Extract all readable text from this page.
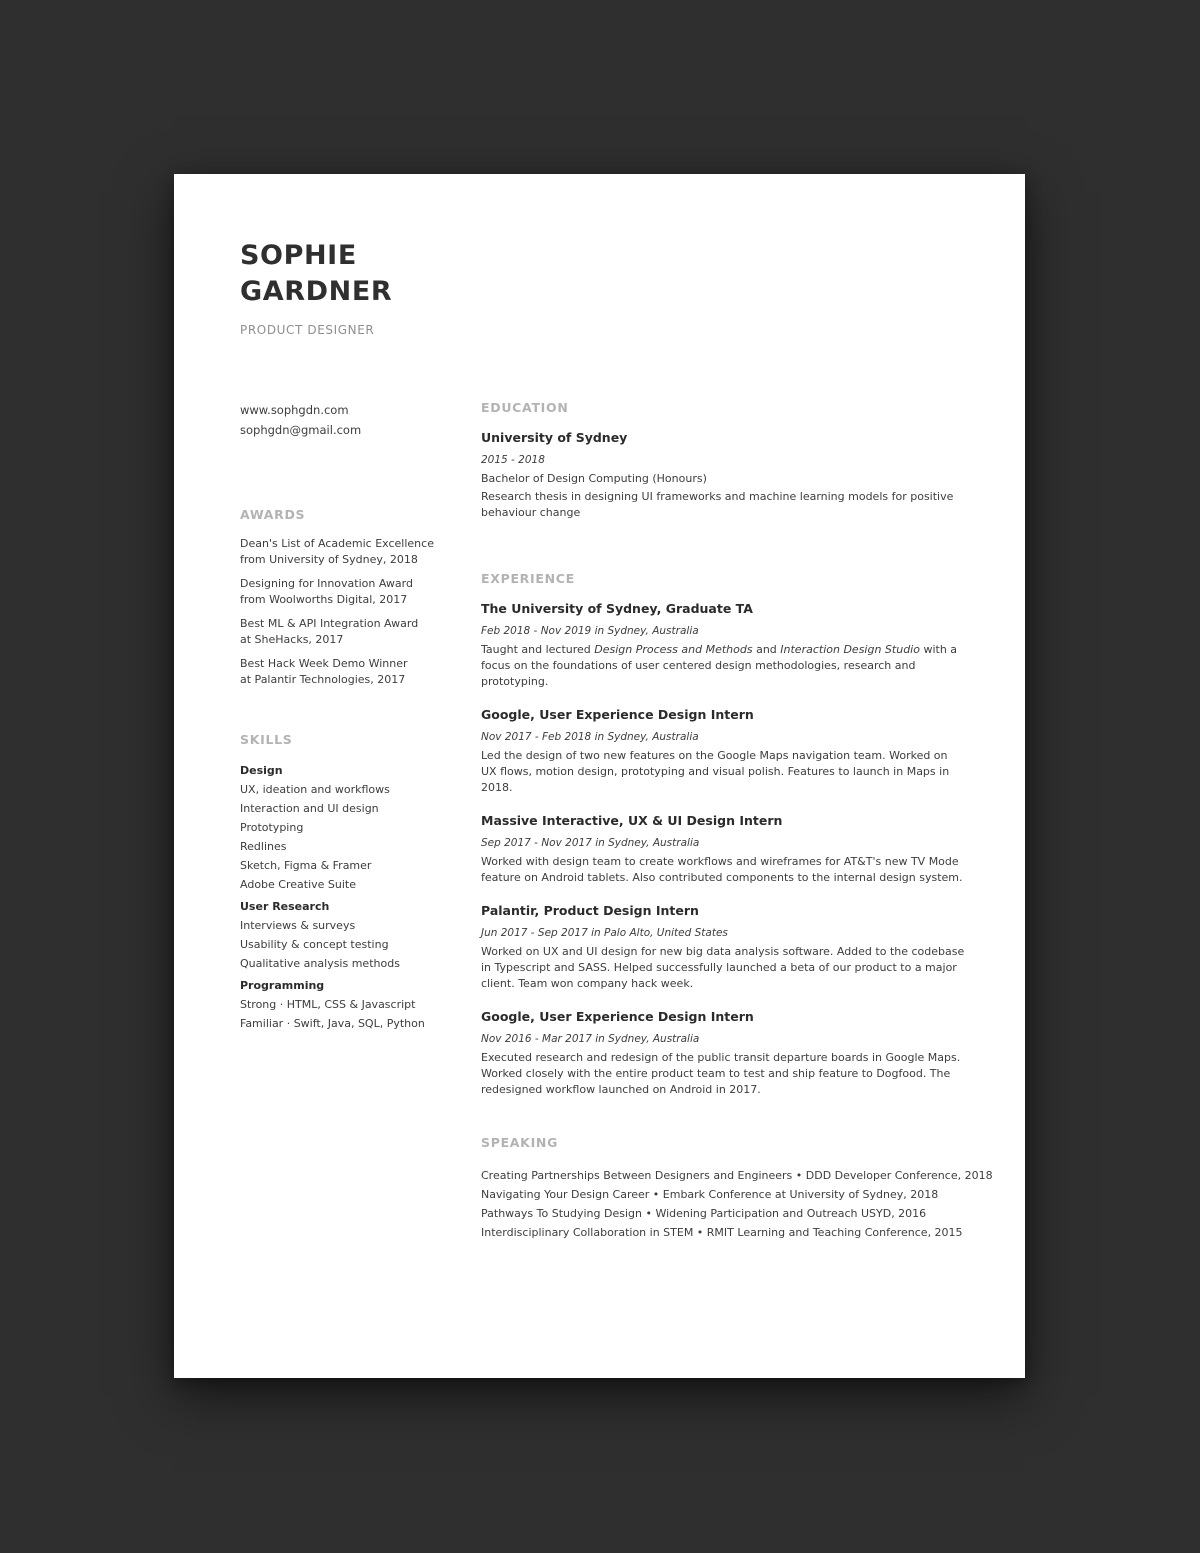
SOPHIE
GARDNER
PRODUCT DESIGNER
www.sophgdn.com
sophgdn@gmail.com
AWARDS
Dean's List of Academic Excellence
from University of Sydney, 2018
Designing for Innovation Award
from Woolworths Digital, 2017
Best ML & API Integration Award
at SheHacks, 2017
Best Hack Week Demo Winner
at Palantir Technologies, 2017
SKILLS
Design
UX, ideation and workflows
Interaction and UI design
Prototyping
Redlines
Sketch, Figma & Framer
Adobe Creative Suite
User Research
Interviews & surveys
Usability & concept testing
Qualitative analysis methods
Programming
Strong · HTML, CSS & Javascript
Familiar · Swift, Java, SQL, Python
EDUCATION
University of Sydney
2015 - 2018
Bachelor of Design Computing (Honours)
Research thesis in designing UI frameworks and machine learning models for positive behaviour change
EXPERIENCE
The University of Sydney, Graduate TA
Feb 2018 - Nov 2019 in Sydney, Australia
Taught and lectured Design Process and Methods and Interaction Design Studio with a focus on the foundations of user centered design methodologies, research and prototyping.
Google, User Experience Design Intern
Nov 2017 - Feb 2018 in Sydney, Australia
Led the design of two new features on the Google Maps navigation team. Worked on UX flows, motion design, prototyping and visual polish. Features to launch in Maps in 2018.
Massive Interactive, UX & UI Design Intern
Sep 2017 - Nov 2017 in Sydney, Australia
Worked with design team to create workflows and wireframes for AT&T's new TV Mode feature on Android tablets. Also contributed components to the internal design system.
Palantir, Product Design Intern
Jun 2017 - Sep 2017 in Palo Alto, United States
Worked on UX and UI design for new big data analysis software. Added to the codebase in Typescript and SASS. Helped successfully launched a beta of our product to a major client. Team won company hack week.
Google, User Experience Design Intern
Nov 2016 - Mar 2017 in Sydney, Australia
Executed research and redesign of the public transit departure boards in Google Maps. Worked closely with the entire product team to test and ship feature to Dogfood. The redesigned workflow launched on Android in 2017.
SPEAKING
Creating Partnerships Between Designers and Engineers • DDD Developer Conference, 2018
Navigating Your Design Career • Embark Conference at University of Sydney, 2018
Pathways To Studying Design • Widening Participation and Outreach USYD, 2016
Interdisciplinary Collaboration in STEM • RMIT Learning and Teaching Conference, 2015
